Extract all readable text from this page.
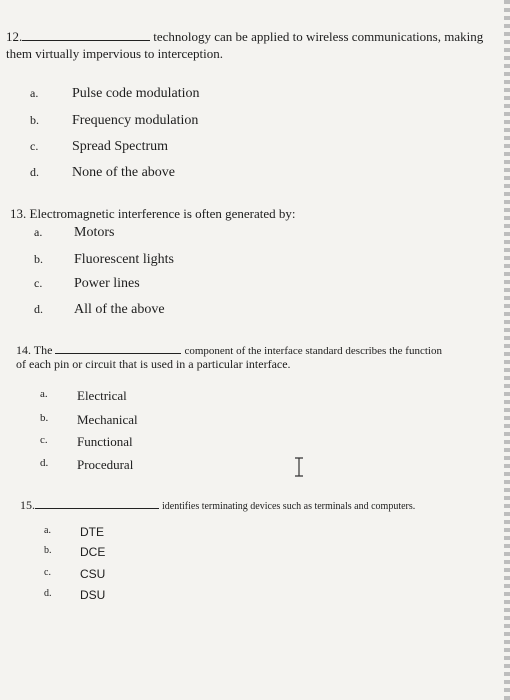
12.	technology can be applied to wireless communications, making
them virtually impervious to interception.
a. Pulse code modulation
b. Frequency modulation
c. Spread Spectrum
d. None of the above
13. Electromagnetic interference is often generated by:
a. Motors
b. Fluorescent lights
c. Power lines
d. All of the above
14. The	component of the interface standard describes the function
of each pin or circuit that is used in a particular interface.
a. Electrical
b. Mechanical
c. Functional
d. Procedural
15.	identifies terminating devices such as terminals and computers.
a. DTE
b. DCE
c. CSU
d. DSU
